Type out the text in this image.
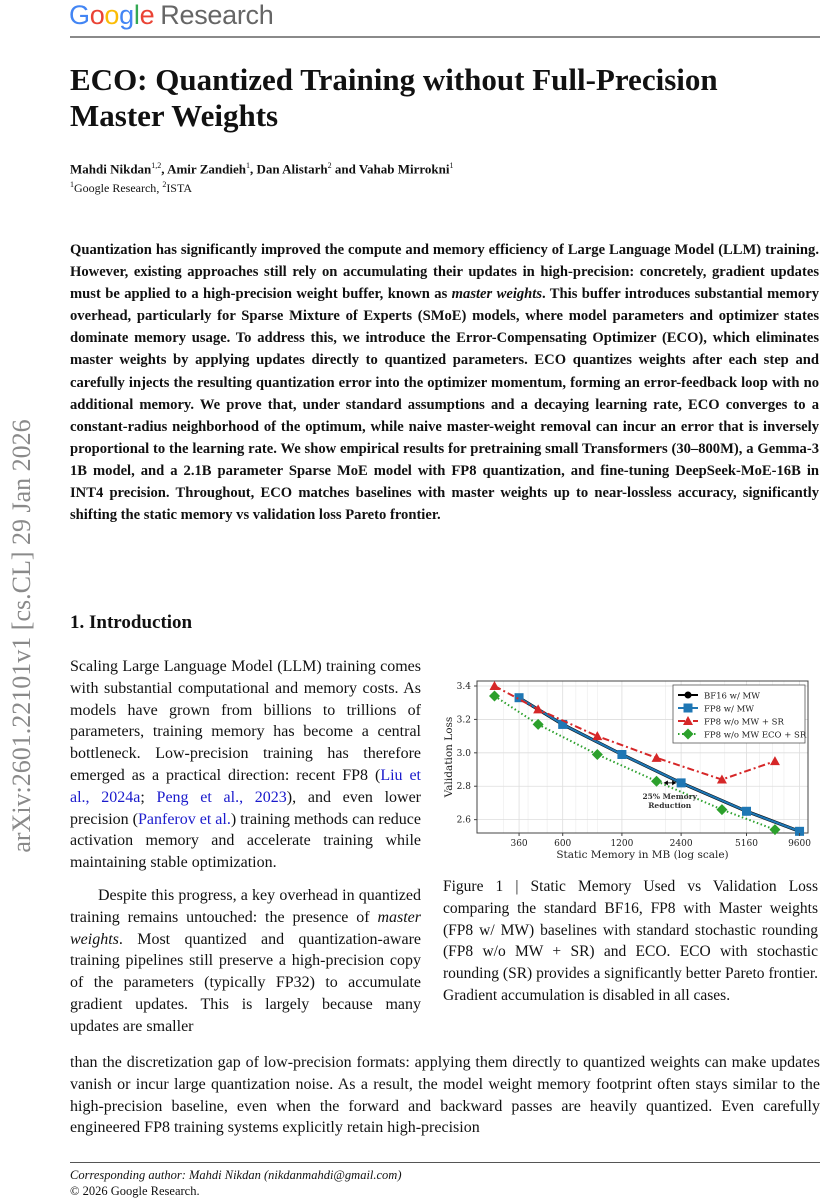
Google Research
arXiv:2601.22101v1 [cs.CL] 29 Jan 2026
ECO: Quantized Training without Full-Precision Master Weights
Mahdi Nikdan$^{1,2}$, Amir Zandieh$^1$, Dan Alistarh$^2$ and Vahab Mirrokni$^1$
$^1$Google Research, $^2$ISTA
Quantization has significantly improved the compute and memory efficiency of Large Language Model (LLM) training. However, existing approaches still rely on accumulating their updates in high-precision: concretely, gradient updates must be applied to a high-precision weight buffer, known as master weights. This buffer introduces substantial memory overhead, particularly for Sparse Mixture of Experts (SMoE) models, where model parameters and optimizer states dominate memory usage. To address this, we introduce the Error-Compensating Optimizer (ECO), which eliminates master weights by applying updates directly to quantized parameters. ECO quantizes weights after each step and carefully injects the resulting quantization error into the optimizer momentum, forming an error-feedback loop with no additional memory. We prove that, under standard assumptions and a decaying learning rate, ECO converges to a constant-radius neighborhood of the optimum, while naive master-weight removal can incur an error that is inversely proportional to the learning rate. We show empirical results for pretraining small Transformers (30–800M), a Gemma-3 1B model, and a 2.1B parameter Sparse MoE model with FP8 quantization, and fine-tuning DeepSeek-MoE-16B in INT4 precision. Throughout, ECO matches baselines with master weights up to near-lossless accuracy, significantly shifting the static memory vs validation loss Pareto frontier.
1. Introduction

Scaling Large Language Model (LLM) training comes with substantial computational and memory costs. As models have grown from billions to trillions of parameters, training memory has become a central bottleneck. Low-precision training has therefore emerged as a practical direction: recent FP8 (Liu et al., 2024a; Peng et al., 2023), and even lower precision (Panferov et al.) training methods can reduce activation memory and accelerate training while maintaining stable optimization.

Despite this progress, a key overhead in quantized training remains untouched: the presence of master weights. Most quantized and quantization-aware training pipelines still preserve a high-precision copy of the parameters (typically FP32) to accumulate gradient updates. This is largely because many updates are smaller

than the discretization gap of low-precision formats: applying them directly to quantized weights can make updates vanish or incur large quantization noise. As a result, the model weight memory footprint often stays similar to the high-precision baseline, even when the forward and backward passes are heavily quantized. Even carefully engineered FP8 training systems explicitly retain high-precision
360	600	1200	2400	5160	9600
2.6
2.8
3.0
3.2
3.4
Static Memory in MB (log scale)
Validation Loss
BF16 w/ MW
FP8 w/ MW
FP8 w/o MW + SR
FP8 w/o MW ECO + SR
25% Memory
Reduction
Figure 1 | Static Memory Used vs Validation Loss comparing the standard BF16, FP8 with Master weights (FP8 w/ MW) baselines with standard stochastic rounding (FP8 w/o MW + SR) and ECO. ECO with stochastic rounding (SR) provides a significantly better Pareto frontier. Gradient accumulation is disabled in all cases.
Corresponding author: Mahdi Nikdan (nikdanmahdi@gmail.com)
© 2026 Google Research.
